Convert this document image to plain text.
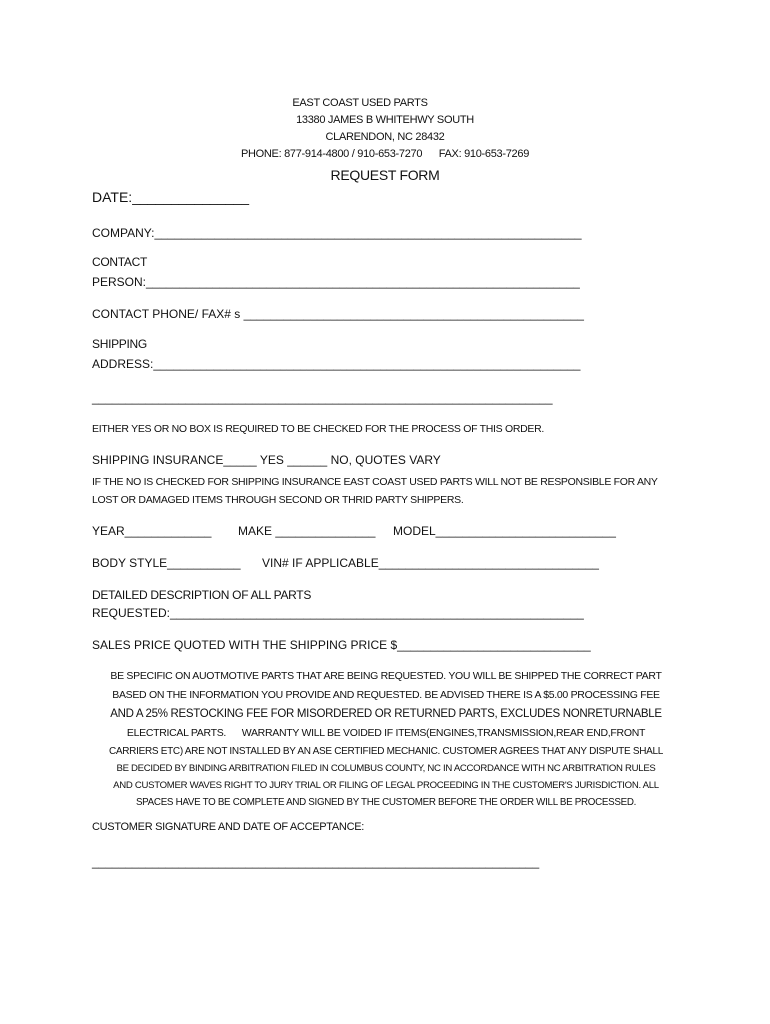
EAST COAST USED PARTS
13380 JAMES B WHITEHWY SOUTH
CLARENDON, NC 28432
PHONE: 877-914-4800 / 910-653-7270      FAX: 910-653-7269
REQUEST FORM
DATE:_______________
COMPANY:________________________________________________________________
CONTACT
PERSON:_________________________________________________________________
CONTACT PHONE/ FAX# s ___________________________________________________
SHIPPING
ADDRESS:________________________________________________________________
_____________________________________________________________________
EITHER YES OR NO BOX IS REQUIRED TO BE CHECKED FOR THE PROCESS OF THIS ORDER.
SHIPPING INSURANCE_____ YES ______ NO, QUOTES VARY
IF THE NO IS CHECKED FOR SHIPPING INSURANCE EAST COAST USED PARTS WILL NOT BE RESPONSIBLE FOR ANY
LOST OR DAMAGED ITEMS THROUGH SECOND OR THRID PARTY SHIPPERS.
YEAR_____________ MAKE _______________ MODEL___________________________
BODY STYLE___________ VIN# IF APPLICABLE_________________________________
DETAILED DESCRIPTION OF ALL PARTS
REQUESTED:______________________________________________________________
SALES PRICE QUOTED WITH THE SHIPPING PRICE $_____________________________
BE SPECIFIC ON AUOTMOTIVE PARTS THAT ARE BEING REQUESTED. YOU WILL BE SHIPPED THE CORRECT PART
BASED ON THE INFORMATION YOU PROVIDE AND REQUESTED. BE ADVISED THERE IS A $5.00 PROCESSING FEE
AND A 25% RESTOCKING FEE FOR MISORDERED OR RETURNED PARTS, EXCLUDES NONRETURNABLE
ELECTRICAL PARTS.      WARRANTY WILL BE VOIDED IF ITEMS(ENGINES,TRANSMISSION,REAR END,FRONT
CARRIERS ETC) ARE NOT INSTALLED BY AN ASE CERTIFIED MECHANIC. CUSTOMER AGREES THAT ANY DISPUTE SHALL
BE DECIDED BY BINDING ARBITRATION FILED IN COLUMBUS COUNTY, NC IN ACCORDANCE WITH NC ARBITRATION RULES
AND CUSTOMER WAVES RIGHT TO JURY TRIAL OR FILING OF LEGAL PROCEEDING IN THE CUSTOMER'S JURISDICTION. ALL
SPACES HAVE TO BE COMPLETE AND SIGNED BY THE CUSTOMER BEFORE THE ORDER WILL BE PROCESSED.
CUSTOMER SIGNATURE AND DATE OF ACCEPTANCE:
___________________________________________________________________
